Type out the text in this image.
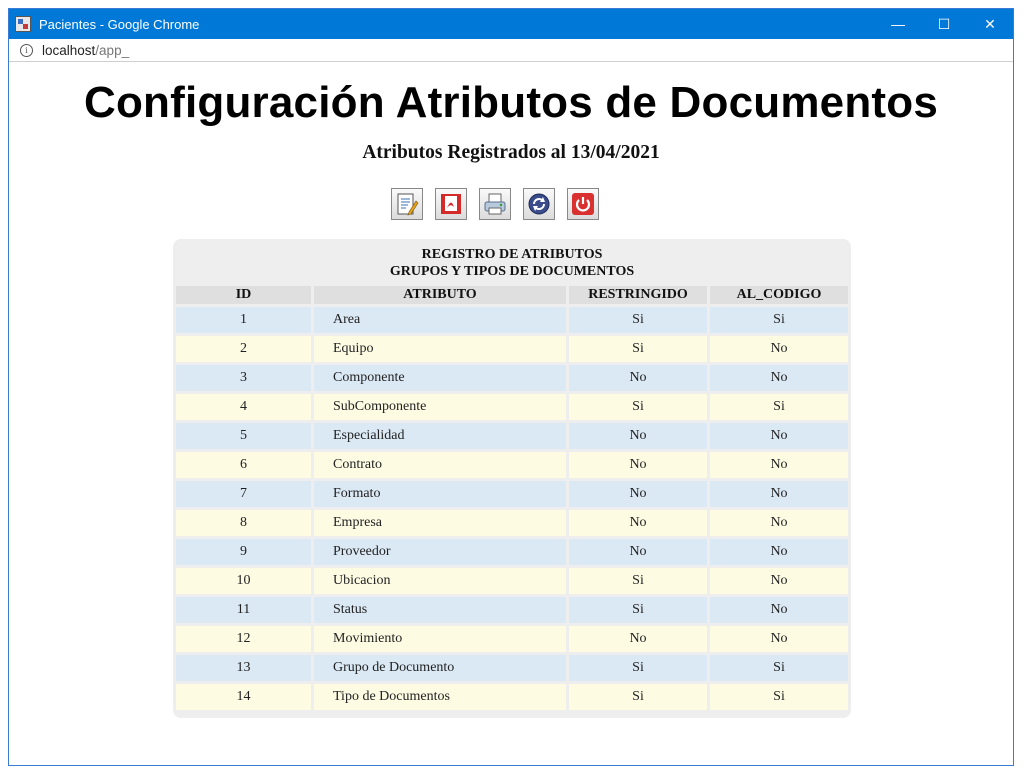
Pacientes - Google Chrome	—	☐	✕
i	localhost /app_
Configuración Atributos de Documentos
Atributos Registrados al 13/04/2021
REGISTRO DE ATRIBUTOS
GRUPOS Y TIPOS DE DOCUMENTOS
ID	ATRIBUTO	RESTRINGIDO	AL_CODIGO
1	Area	Si	Si
2	Equipo	Si	No
3	Componente	No	No
4	SubComponente	Si	Si
5	Especialidad	No	No
6	Contrato	No	No
7	Formato	No	No
8	Empresa	No	No
9	Proveedor	No	No
10	Ubicacion	Si	No
11	Status	Si	No
12	Movimiento	No	No
13	Grupo de Documento	Si	Si
14	Tipo de Documentos	Si	Si
